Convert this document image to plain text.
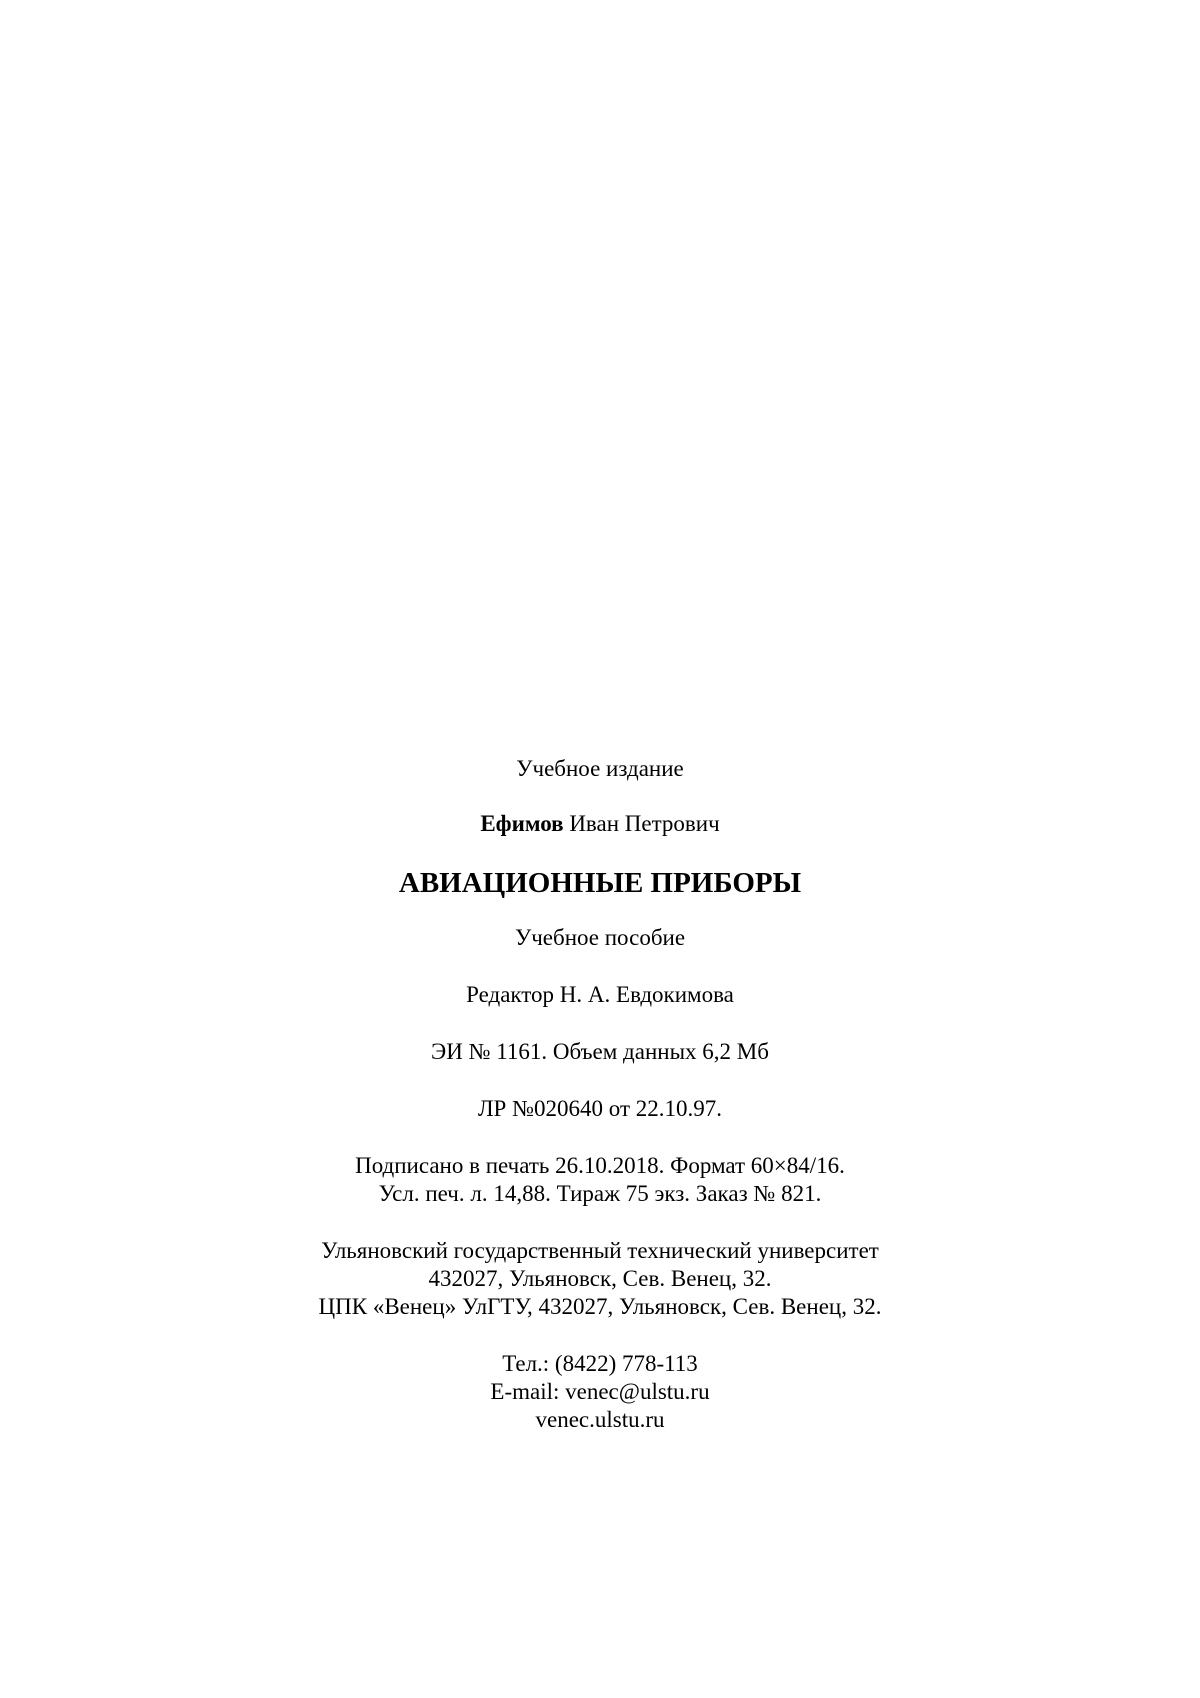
Учебное издание
Ефимов Иван Петрович
АВИАЦИОННЫЕ ПРИБОРЫ
Учебное пособие
Редактор Н. А. Евдокимова
ЭИ № 1161. Объем данных 6,2 Мб
ЛР №020640 от 22.10.97.
Подписано в печать 26.10.2018. Формат 60×84/16.
Усл. печ. л. 14,88. Тираж 75 экз. Заказ № 821.
Ульяновский государственный технический университет
432027, Ульяновск, Сев. Венец, 32.
ЦПК «Венец» УлГТУ, 432027, Ульяновск, Сев. Венец, 32.
Тел.: (8422) 778-113
E-mail: venec@ulstu.ru
venec.ulstu.ru
